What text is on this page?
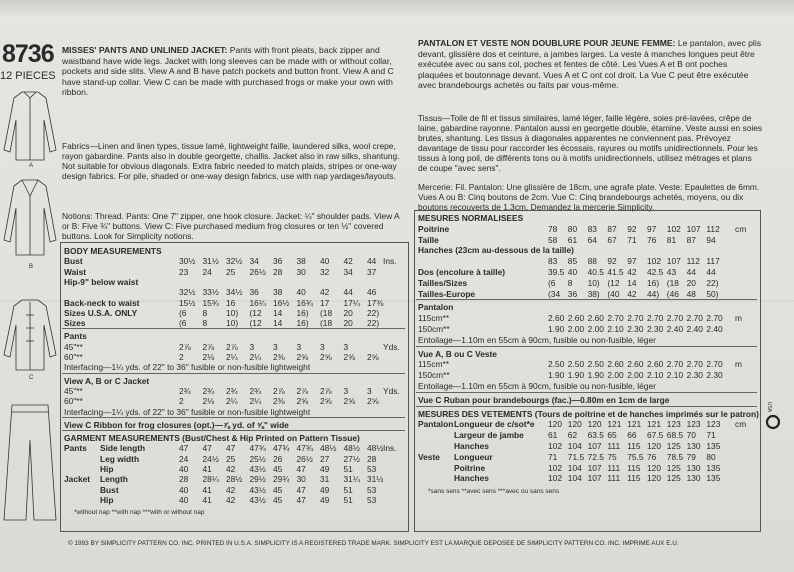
8736
12 PIECES
A
B
C
MISSES' PANTS AND UNLINED JACKET: Pants with front pleats, back zipper and waistband have wide legs. Jacket with long sleeves can be made with or without collar, pockets and side slits. View A and B have patch pockets and button front. View A and C have stand-up collar. View C can be made with purchased frogs or make your own with ribbon.
Fabrics—Linen and linen types, tissue lamé, lightweight faille, laundered silks, wool crepe, rayon gabardine. Pants also in double georgette, challis. Jacket also in raw silks, shantung. Not suitable for obvious diagonals. Extra fabric needed to match plaids, stripes or one-way design fabrics. For pile, shaded or one-way design fabrics, use with nap yardages/layouts.
Notions: Thread. Pants: One 7" zipper, one hook closure. Jacket: ¼" shoulder pads. View A or B: Five ¾" buttons. View C: Five purchased medium frog closures or ten ½" covered buttons. Look for Simplicity notions.
BODY MEASUREMENTS
Bust	30½ 31½ 32½ 34 36 38 40 42 44 Ins.
Waist	23 24 25 26½ 28 30 32 34 37
Hip-9" below waist
32½ 33½ 34½ 36 38 40 42 44 46
Back-neck to waist	15½ 15¾ 16 16¼ 16½ 16¾ 17 17¼ 17⅜
Sizes U.S.A. ONLY	(6 8 10) (12 14 16) (18 20 22)
Sizes	(6 8 10) (12 14 16) (18 20 22)
Pants
45"**	2⅞ 2⅞ 2⅞ 3 3 3 3 3	Yds.
60"**	2 2⅛ 2¼ 2¼ 2⅜ 2⅝ 2⅝ 2⅝ 2⅝
Interfacing—1¼ yds. of 22" to 36" fusible or non-fusible lightweight
View A, B or C Jacket
45"**	2¾ 2¾ 2¾ 2¾ 2⅞ 2⅞ 2⅞ 3 3 Yds.
60"**	2 2⅛ 2¼ 2¼ 2⅜ 2⅝ 2⅝ 2⅝ 2⅝
Interfacing—1¼ yds. of 22" to 36" fusible or non-fusible lightweight
View C Ribbon for frog closures (opt.)—⅞ yd. of ⅝" wide
GARMENT MEASUREMENTS (Bust/Chest & Hip Printed on Pattern Tissue)
Pants Side length	47 47 47 47¾ 47¾ 47¾ 48½ 48½ 48½ Ins.
Leg width	24 24½ 25 25½ 26 26½ 27 27½ 28
Hip	40 41 42 43½ 45 47 49 51 53
Jacket Length	28 28¼ 28½ 29½ 29¾ 30 31 31¼ 31½
Bust	40 41 42 43½ 45 47 49 51 53
Hip	40 41 42 43½ 45 47 49 51 53
*without nap **with nap ***with or without nap
PANTALON ET VESTE NON DOUBLURE POUR JEUNE FEMME: Le pantalon, avec plis devant, glissière dos et ceinture, a jambes larges. La veste à manches longues peut être exécutée avec ou sans col, poches et fentes de côté. Les Vues A et B ont poches plaquées et boutonnage devant. Vues A et C ont col droit. La Vue C peut être exécutée avec brandebourgs achetés ou faits par vous-même.
Tissus—Toile de fil et tissus similaires, lamé léger, faille légère, soies pré-lavées, crêpe de laine, gabardine rayonne. Pantalon aussi en georgette double, étamine. Veste aussi en soies brutes, shantung. Les tissus à diagonales apparentes ne conviennent pas. Prévoyez davantage de tissu pour raccorder les écossais, rayures ou motifs unidirectionnels. Pour les tissus à long poil, de différents tons ou à motifs unidirectionnels, utilisez métrages et plans de coupe "avec sens".
Mercerie: Fil. Pantalon: Une glissière de 18cm, une agrafe plate. Veste: Epaulettes de 6mm. Vues A ou B: Cinq boutons de 2cm. Vue C: Cinq brandebourgs achetés, moyens, ou dix boutons recouverts de 1.3cm. Demandez la mercerie Simplicity.
MESURES NORMALISEES
Poitrine	78 80 83 87 92 97 102 107 112 cm
Taille	58 61 64 67 71 76 81 87 94
Hanches (23cm au-dessous de la taille)
83 85 88 92 97 102 107 112 117
Dos (encolure à taille)	39.5 40 40.5 41.5 42 42.5 43 44 44
Tailles/Sizes	(6 8 10) (12 14 16) (18 20 22)
Tailles-Europe	(34 36 38) (40 42 44) (46 48 50)
Pantalon
115cm**	2.60 2.60 2.60 2.70 2.70 2.70 2.70 2.70 2.70 m
150cm**	1.90 2.00 2.00 2.10 2.30 2.30 2.40 2.40 2.40
Entoilage—1.10m en 55cm à 90cm, fusible ou non-fusible, léger
Vue A, B ou C Veste
115cm**	2.50 2.50 2.50 2.60 2.60 2.60 2.70 2.70 2.70 m
150cm**	1.90 1.90 1.90 2.00 2.00 2.10 2.10 2.30 2.30
Entoilage—1.10m en 55cm à 90cm, fusible ou non-fusible, léger
Vue C Ruban pour brandebourgs (fac.)—0.80m en 1cm de large
MESURES DES VETEMENTS (Tours de poitrine et de hanches imprimés sur le patron)
Pantalon Longueur de c/sot*e 120 120 120 121 121 121 123 123 123 cm
Largeur de jambe	61 62 63.5 65 66 67.5 68.5 70 71
Hanches	102 104 107 111 115 120 125 130 135
Veste Longueur	71 71.5 72.5 75 75.5 76 78.5 79 80
Poitrine	102 104 107 111 115 120 125 130 135
Hanches	102 104 107 111 115 120 125 130 135
*sans sens **avec sens ***avec ou sans sens
USA
© 1993 BY SIMPLICITY PATTERN CO. INC. PRINTED IN U.S.A. SIMPLICITY IS A REGISTERED TRADE MARK. SIMPLICITY EST LA MARQUE DEPOSEE DE SIMPLICITY PATTERN CO. INC. IMPRIME AUX E.U.
